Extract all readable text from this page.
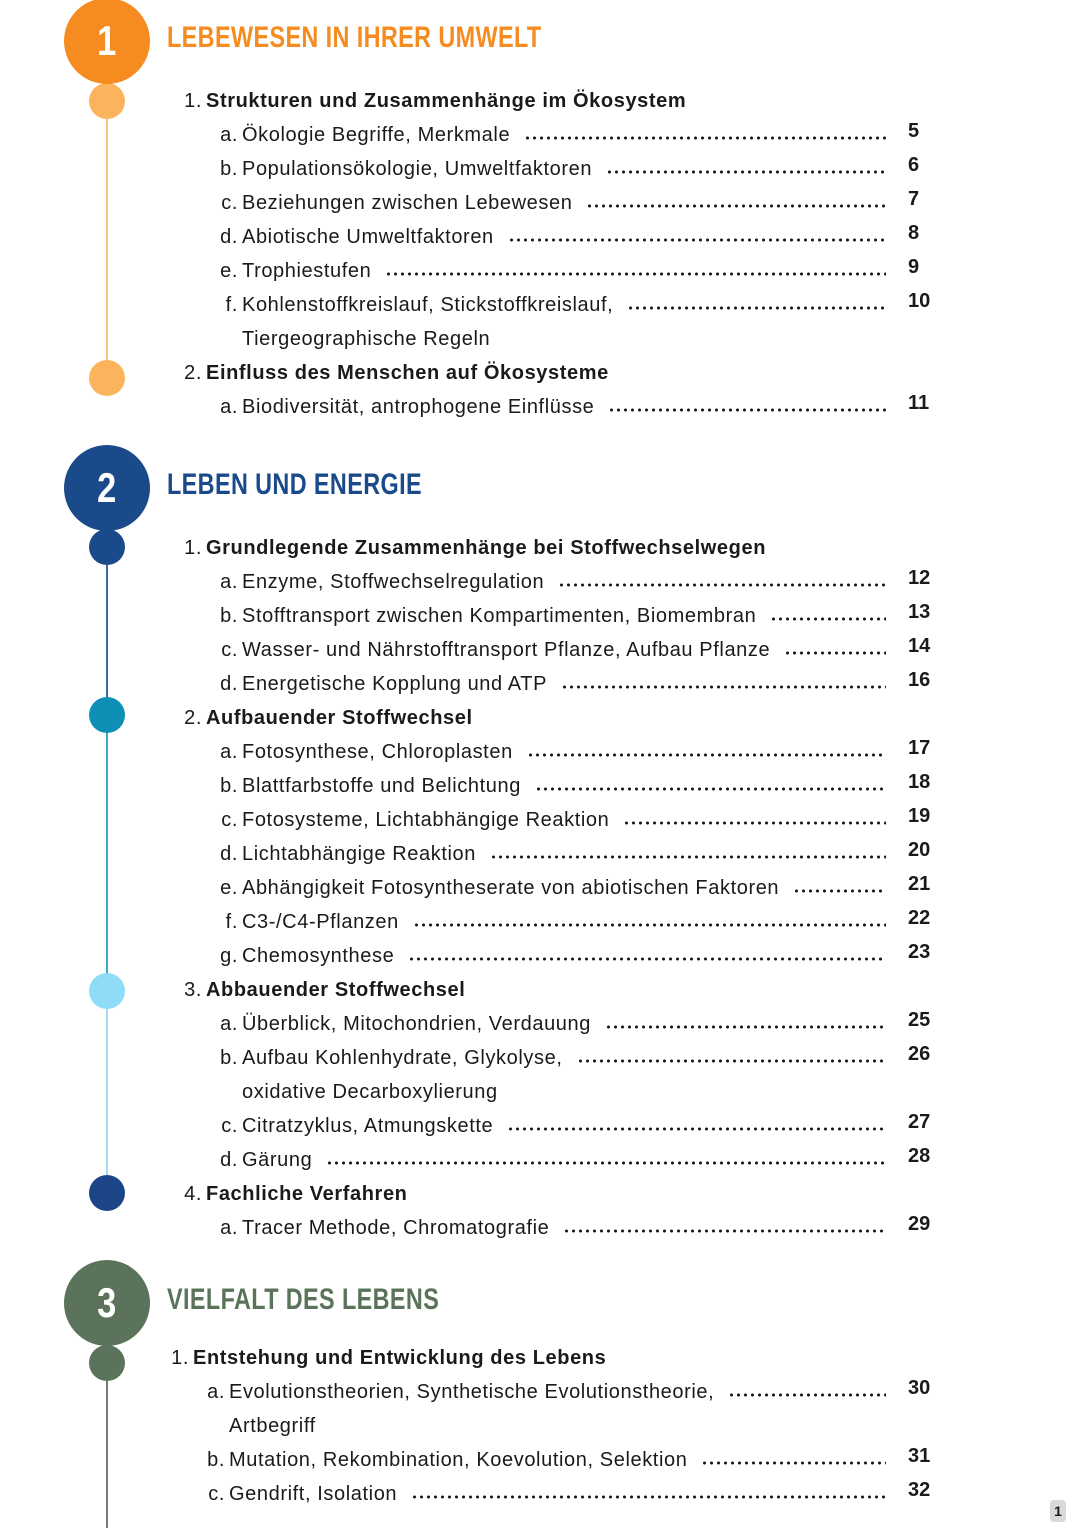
1 LEBEWESEN IN IHRER UMWELT
1. Strukturen und Zusammenhänge im Ökosystem
a. Ökologie Begriffe, Merkmale	5
b. Populationsökologie, Umweltfaktoren	6
c. Beziehungen zwischen Lebewesen	7
d. Abiotische Umweltfaktoren	8
e. Trophiestufen	9
f. Kohlenstoffkreislauf, Stickstoffkreislauf,	10
Tiergeographische Regeln
2. Einfluss des Menschen auf Ökosysteme
a. Biodiversität, antrophogene Einflüsse	11
2 LEBEN UND ENERGIE
1. Grundlegende Zusammenhänge bei Stoffwechselwegen
a. Enzyme, Stoffwechselregulation	12
b. Stofftransport zwischen Kompartimenten, Biomembran	13
c. Wasser- und Nährstofftransport Pflanze, Aufbau Pflanze	14
d. Energetische Kopplung und ATP	16
2. Aufbauender Stoffwechsel
a. Fotosynthese, Chloroplasten	17
b. Blattfarbstoffe und Belichtung	18
c. Fotosysteme, Lichtabhängige Reaktion	19
d. Lichtabhängige Reaktion	20
e. Abhängigkeit Fotosyntheserate von abiotischen Faktoren	21
f. C3-/C4-Pflanzen	22
g. Chemosynthese	23
3. Abbauender Stoffwechsel
a. Überblick, Mitochondrien, Verdauung	25
b. Aufbau Kohlenhydrate, Glykolyse,	26
oxidative Decarboxylierung
c. Citratzyklus, Atmungskette	27
d. Gärung	28
4. Fachliche Verfahren
a. Tracer Methode, Chromatografie	29
3 VIELFALT DES LEBENS
1. Entstehung und Entwicklung des Lebens
a. Evolutionstheorien, Synthetische Evolutionstheorie,	30
Artbegriff
b. Mutation, Rekombination, Koevolution, Selektion	31
c. Gendrift, Isolation	32
1
